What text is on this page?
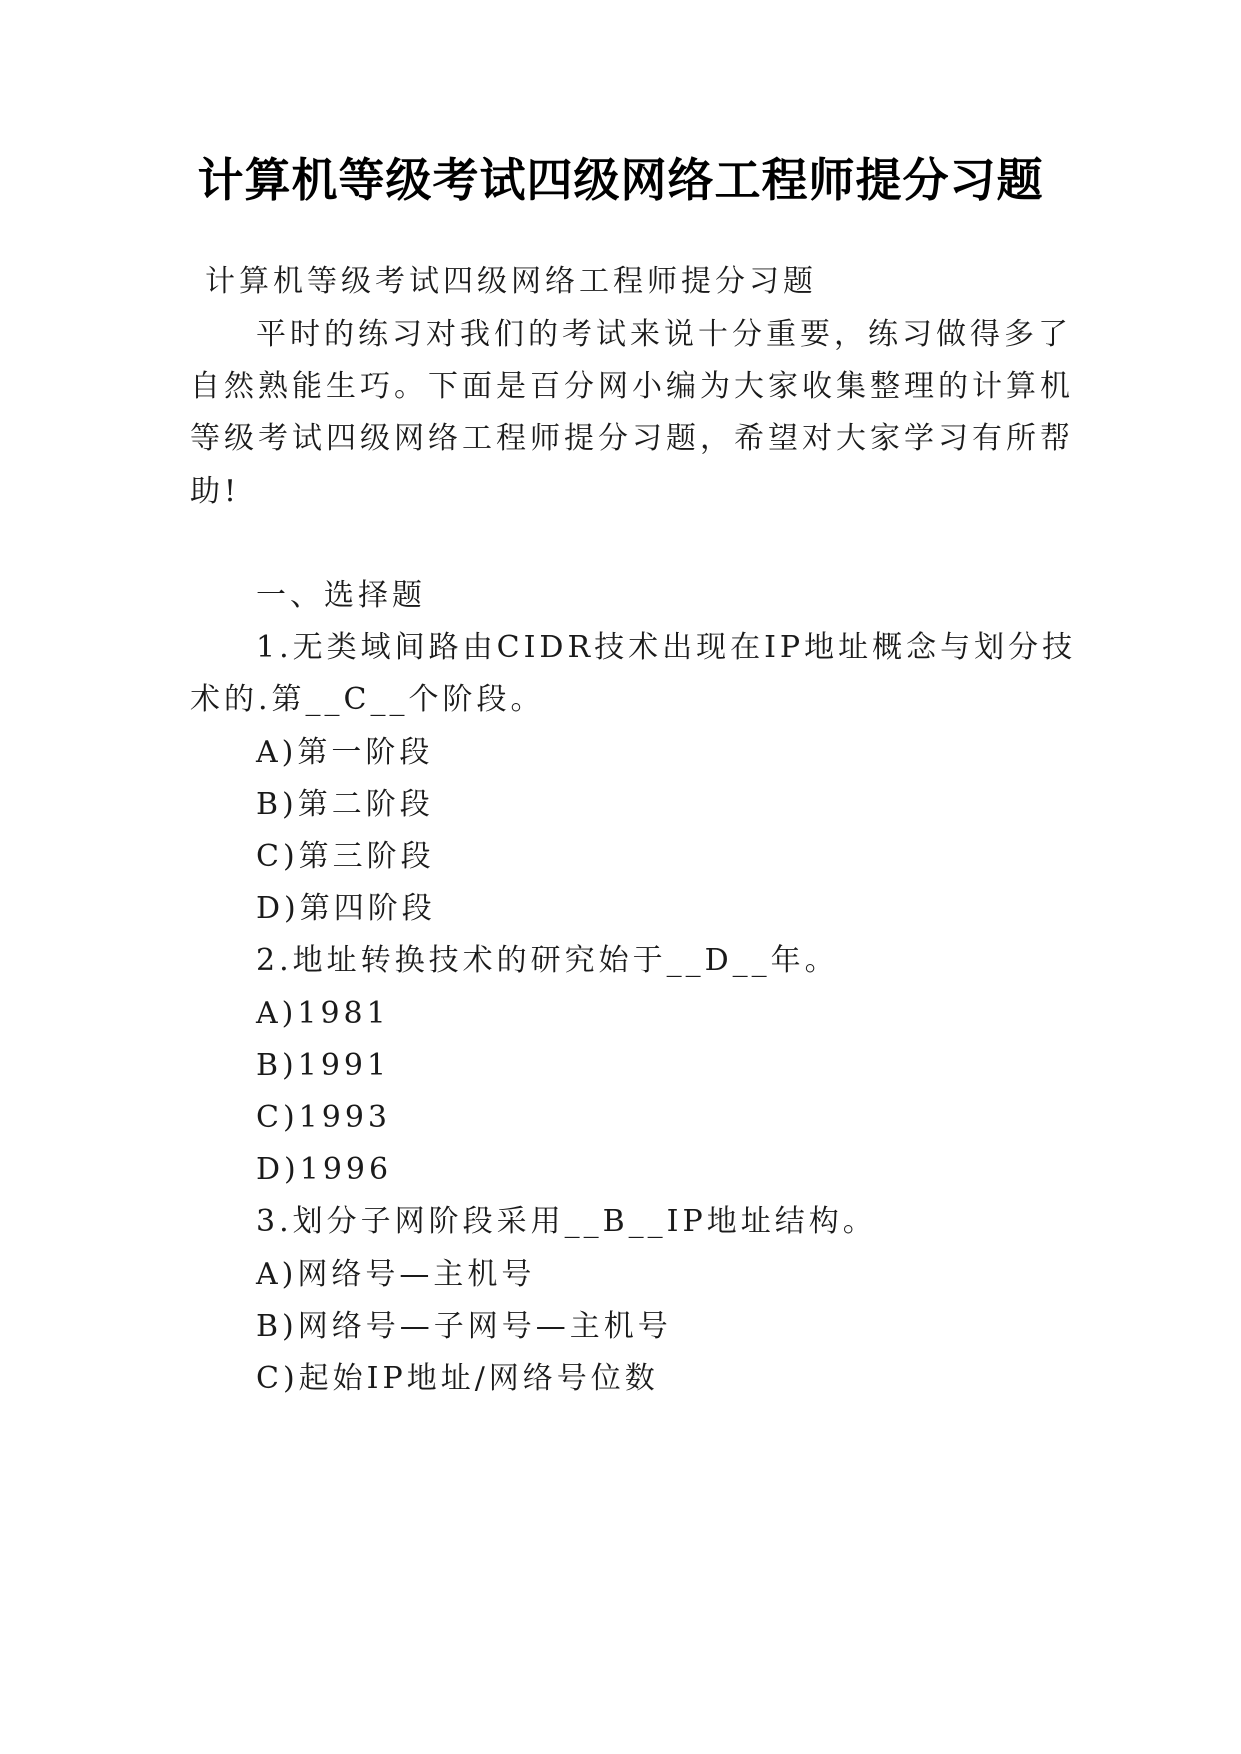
计算机等级考试四级网络工程师提分习题
计算机等级考试四级网络工程师提分习题
平时的练习对我们的考试来说十分重要，练习做得多了
自然熟能生巧。下面是百分网小编为大家收集整理的计算机
等级考试四级网络工程师提分习题，希望对大家学习有所帮
助!
一、选择题
1.无类域间路由CIDR技术出现在IP地址概念与划分技
术的.第__C__个阶段。
A)第一阶段
B)第二阶段
C)第三阶段
D)第四阶段
2.地址转换技术的研究始于__D__年。
A)1981
B)1991
C)1993
D)1996
3.划分子网阶段采用__B__IP地址结构。
A)网络号—主机号
B)网络号—子网号—主机号
C)起始IP地址/网络号位数
